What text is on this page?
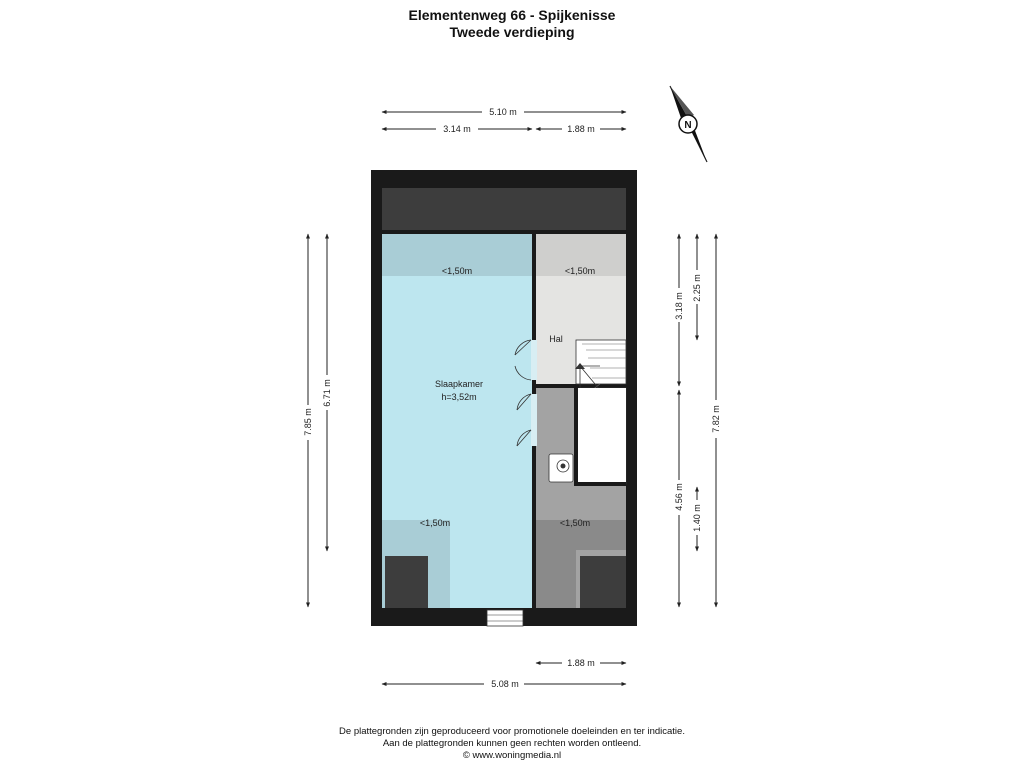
Elementenweg 66 - Spijkenisse
Tweede verdieping
5.10 m
3.14 m	1.88 m	N
7.85 m
6.71 m
3.18 m
2.25 m
4.56 m
1.40 m
7.82 m
1.88 m
5.08 m
<1,50m	<1,50m
Hal
Slaapkamer
h=3,52m
<1,50m	<1,50m
De plattegronden zijn geproduceerd voor promotionele doeleinden en ter indicatie.
Aan de plattegronden kunnen geen rechten worden ontleend.
© www.woningmedia.nl
